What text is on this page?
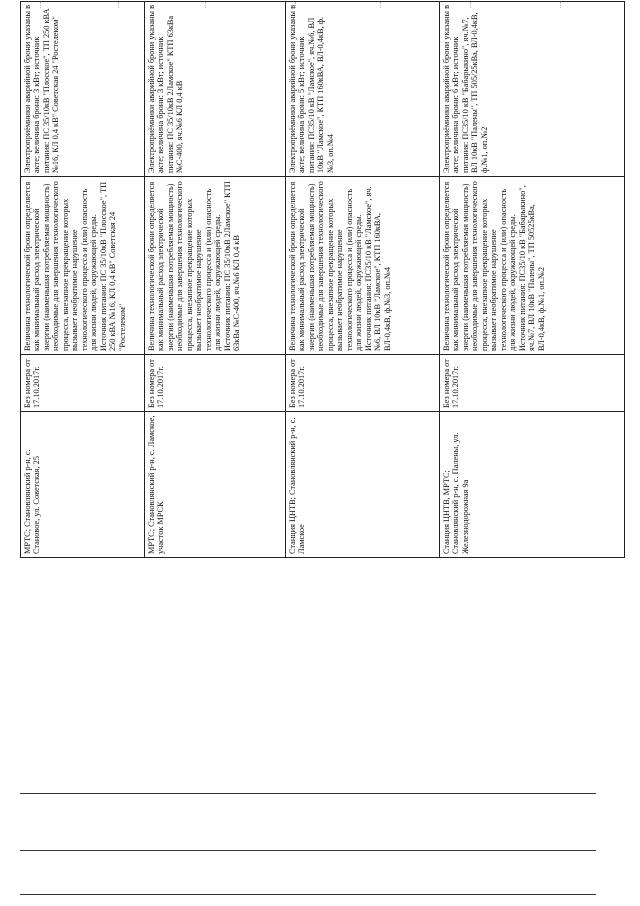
МРТС; Становлянский р-н, с. Становое, ул. Советская, 25	Без номера от 17.10.2017г.	Величина технологической брони определяется как минимальный расход электрической энергии (наименьшая потребляемая мощность) необходимые для завершения технологического процесса, внезапное прекращение которых вызывает необратимое нарушение технологического процесса и (или) опасность для жизни людей, окружающей среды. Источник питания: ПС 35/10кВ "Плосское", ТП 250 кВА №16, КЛ 0,4 кВ" Советская 24 "Ростелеком"	Электроприёмники аварийной брони указаны в акте; величина брони: 3 кВт; источник питания: ПС 35/10кВ "Плосское", ТП 250 кВА №16, КЛ 0,4 кВ" Советская 24 "Ростелеком"
МРТС; Становлянский р-н, с. Ламское, участок МРСК	Без номера от 17.10.2017г.	Величина технологической брони определяется как минимальный расход электрической энергии (наименьшая потребляемая мощность) необходимые для завершения технологического процесса, внезапное прекращение которых вызывает необратимое нарушение технологического процесса и (или) опасность для жизни людей, окружающей среды. Источник питания: ПС 35/10кВ 2Ламское" КТП 63кВа №С-400, яч.№6 КЛ 0,4 кВ	Электроприёмники аварийной брони указаны в акте; величина брони: 3 кВт; источник питания: ПС 35/10кВ 2Ламское" КТП 63кВа №С-400, яч.№6 КЛ 0,4 кВ
Станция ЦНТВ; Становлянский р-н, с. Ламское	Без номера от 17.10.2017г.	Величина технологической брони определяется как минимальный расход электрической энергии (наименьшая потребляемая мощность) необходимые для завершения технологического процесса, внезапное прекращение которых вызывает необратимое нарушение технологического процесса и (или) опасность для жизни людей, окружающей среды. Источник питания: ПС35/10 кВ "Ламское", яч.№6, ВЛ 10кВ "Ламское", КТП 160кВА, ВЛ-0,4кВ, ф.№3, оп.№4	Электроприёмники аварийной брони указаны в акте; величина брони: 5 кВт; источник питания: ПС35/10 кВ "Ламское", яч.№6, ВЛ 10кВ "Ламское", КТП 160кВА, ВЛ-0,4кВ, ф.№3, оп.№4
Станция ЦНТВ, МРТС; Становлянский р-н, с. Палены, ул. Железнодорожная 9а	Без номера от 17.10.2017г.	Величина технологической брони определяется как минимальный расход электрической энергии (наименьшая потребляемая мощность) необходимые для завершения технологического процесса, внезапное прекращение которых вызывает необратимое нарушение технологического процесса и (или) опасность для жизни людей, окружающей среды. Источник питания: ПС35/10 кВ "Бабарыкино", яч.№7, ВЛ 10кВ "Палены", ТП 50525кВа, ВЛ-0,4кВ, ф.№1, оп.№2	Электроприёмники аварийной брони указаны в акте; величина брони: 6 кВт; источник питания: ПС35/10 кВ "Бабарыкино", яч.№7, ВЛ 10кВ "Палены", ТП 505/25кВа, ВЛ-0,4кВ, ф.№1, оп.№2
